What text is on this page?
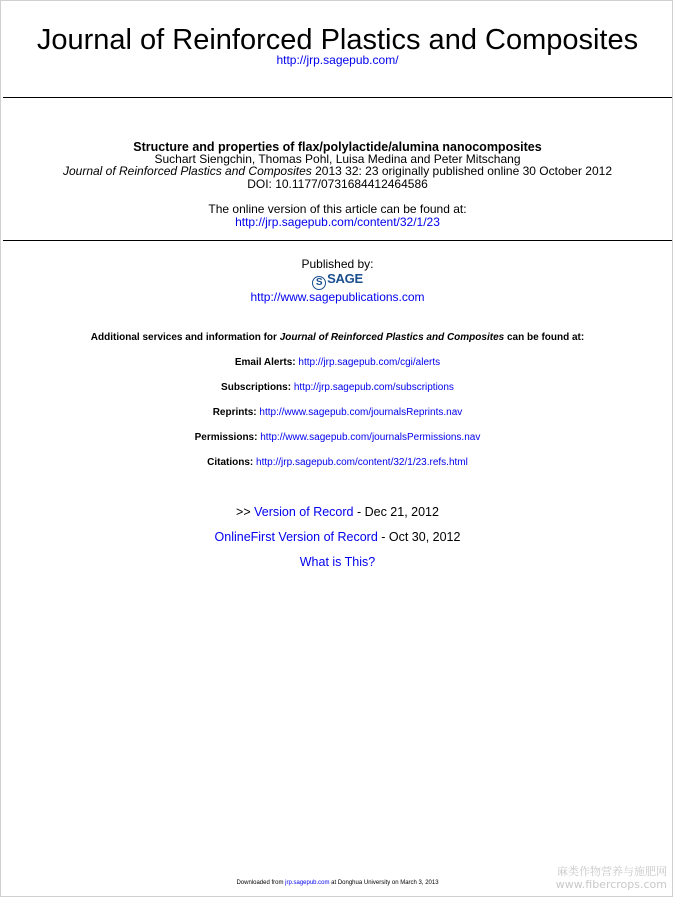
Journal of Reinforced Plastics and Composites
http://jrp.sagepub.com/
Structure and properties of flax/polylactide/alumina nanocomposites
Suchart Siengchin, Thomas Pohl, Luisa Medina and Peter Mitschang
Journal of Reinforced Plastics and Composites 2013 32: 23 originally published online 30 October 2012
DOI: 10.1177/0731684412464586
The online version of this article can be found at:
http://jrp.sagepub.com/content/32/1/23
Published by:
S SAGE
http://www.sagepublications.com
Additional services and information for Journal of Reinforced Plastics and Composites can be found at:
Email Alerts: http://jrp.sagepub.com/cgi/alerts
Subscriptions: http://jrp.sagepub.com/subscriptions
Reprints: http://www.sagepub.com/journalsReprints.nav
Permissions: http://www.sagepub.com/journalsPermissions.nav
Citations: http://jrp.sagepub.com/content/32/1/23.refs.html
>> Version of Record - Dec 21, 2012
OnlineFirst Version of Record - Oct 30, 2012
What is This?
Downloaded from jrp.sagepub.com at Donghua University on March 3, 2013
麻类作物营养与施肥网
www.fibercrops.com
